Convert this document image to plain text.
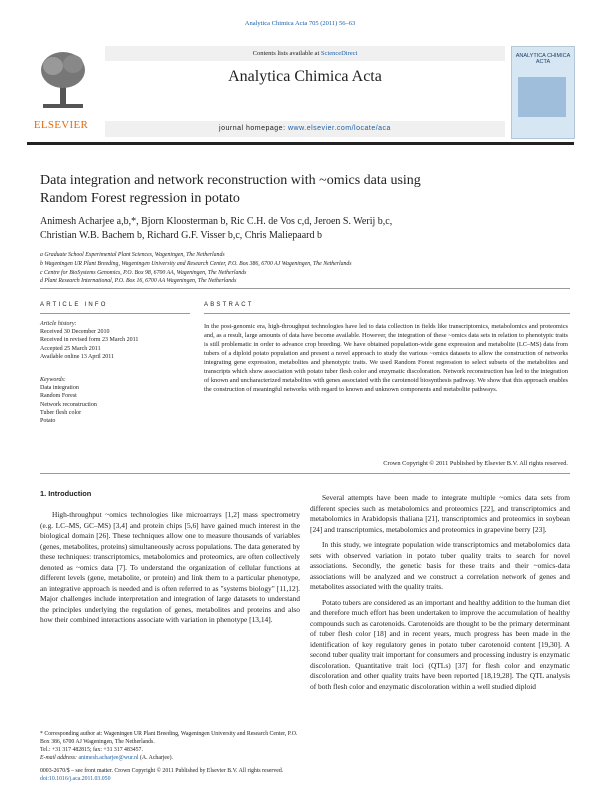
Analytica Chimica Acta 705 (2011) 56–63
ELSEVIER
Contents lists available at ScienceDirect
Analytica Chimica Acta
journal homepage: www.elsevier.com/locate/aca
ANALYTICA CHIMICA ACTA
Data integration and network reconstruction with ~omics data using
Random Forest regression in potato
Animesh Acharjee a,b,*, Bjorn Kloosterman b, Ric C.H. de Vos c,d, Jeroen S. Werij b,c,
Christian W.B. Bachem b, Richard G.F. Visser b,c, Chris Maliepaard b
a Graduate School Experimental Plant Sciences, Wageningen, The Netherlands
b Wageningen UR Plant Breeding, Wageningen University and Research Center, P.O. Box 386, 6700 AJ Wageningen, The Netherlands
c Centre for BioSystems Genomics, P.O. Box 98, 6700 AA, Wageningen, The Netherlands
d Plant Research International, P.O. Box 16, 6700 AA Wageningen, The Netherlands
ARTICLE INFO	ABSTRACT
Article history:
Received 30 December 2010
Received in revised form 23 March 2011
Accepted 25 March 2011
Available online 13 April 2011
Keywords:
Data integration
Random Forest
Network reconstruction
Tuber flesh color
Potato
In the post-genomic era, high-throughput technologies have led to data collection in fields like transcriptomics, metabolomics and proteomics and, as a result, large amounts of data have become available. However, the integration of these ~omics data sets in relation to phenotypic traits is still problematic in order to advance crop breeding. We have obtained population-wide gene expression and metabolite (LC–MS) data from tubers of a diploid potato population and present a novel approach to study the various ~omics datasets to allow the construction of networks integrating gene expression, metabolites and phenotypic traits. We used Random Forest regression to select subsets of the metabolites and transcripts which show association with potato tuber flesh color and enzymatic discoloration. Network reconstruction has led to the integration of known and uncharacterized metabolites with genes associated with the carotenoid biosynthesis pathway. We show that this approach enables the construction of meaningful networks with regard to known and unknown components and metabolite pathways.
Crown Copyright © 2011 Published by Elsevier B.V. All rights reserved.
1. Introduction

High-throughput ~omics technologies like microarrays [1,2] mass spectrometry (e.g. LC–MS, GC–MS) [3,4] and protein chips [5,6] have gained much interest in the biological domain [26]. These techniques allow one to measure thousands of variables (genes, metabolites, proteins) simultaneously across populations. The data generated by these techniques: transcriptomics, metabolomics and proteomics, are often collectively denoted as ~omics data [7]. To understand the organization of cellular functions at different levels (gene, metabolite, or protein) and link them to a particular phenotype, an integrative approach is needed and is often referred to as "systems biology" [11,12]. Major challenges include interpretation and integration of large datasets to understand the principles underlying the regulation of genes, metabolites and proteins and also how their combined interactions associate with variation in phenotype [13,14].

Several attempts have been made to integrate multiple ~omics data sets from different species such as metabolomics and proteomics [22], and transcriptomics and metabolomics in Arabidopsis thaliana [21], transcriptomics and proteomics in soybean [24] and transcriptomics, metabolomics and proteomics in grapevine berry [23].

In this study, we integrate population wide transcriptomics and metabolomics data sets with observed variation in potato tuber quality traits to search for novel associations. Secondly, the genetic basis for these traits and their ~omics-data associations will be analyzed and we construct a correlation network of genes and metabolites associated with the quality traits.

Potato tubers are considered as an important and healthy addition to the human diet and therefore much effort has been undertaken to improve the accumulation of healthy compounds such as carotenoids. Carotenoids are thought to be the primary determinant of tuber flesh color [18] and in recent years, much progress has been made in the identification of key regulatory genes in potato tuber carotenoid content [19,30]. A second tuber quality trait important for consumers and processing industry is enzymatic discoloration. Quantitative trait loci (QTLs) [37] for flesh color and enzymatic discoloration and other quality traits have been reported [18,19,28]. The QTL analysis of both flesh color and enzymatic discoloration within a well studied diploid

* Corresponding author at: Wageningen UR Plant Breeding, Wageningen University and Research Center, P.O. Box 386, 6700 AJ Wageningen, The Netherlands.
Tel.: +31 317 482815; fax: +31 317 483457.
E-mail address: animesh.acharjee@wur.nl (A. Acharjee).
0003-2670/$ – see front matter. Crown Copyright © 2011 Published by Elsevier B.V. All rights reserved.
doi:10.1016/j.aca.2011.03.050
